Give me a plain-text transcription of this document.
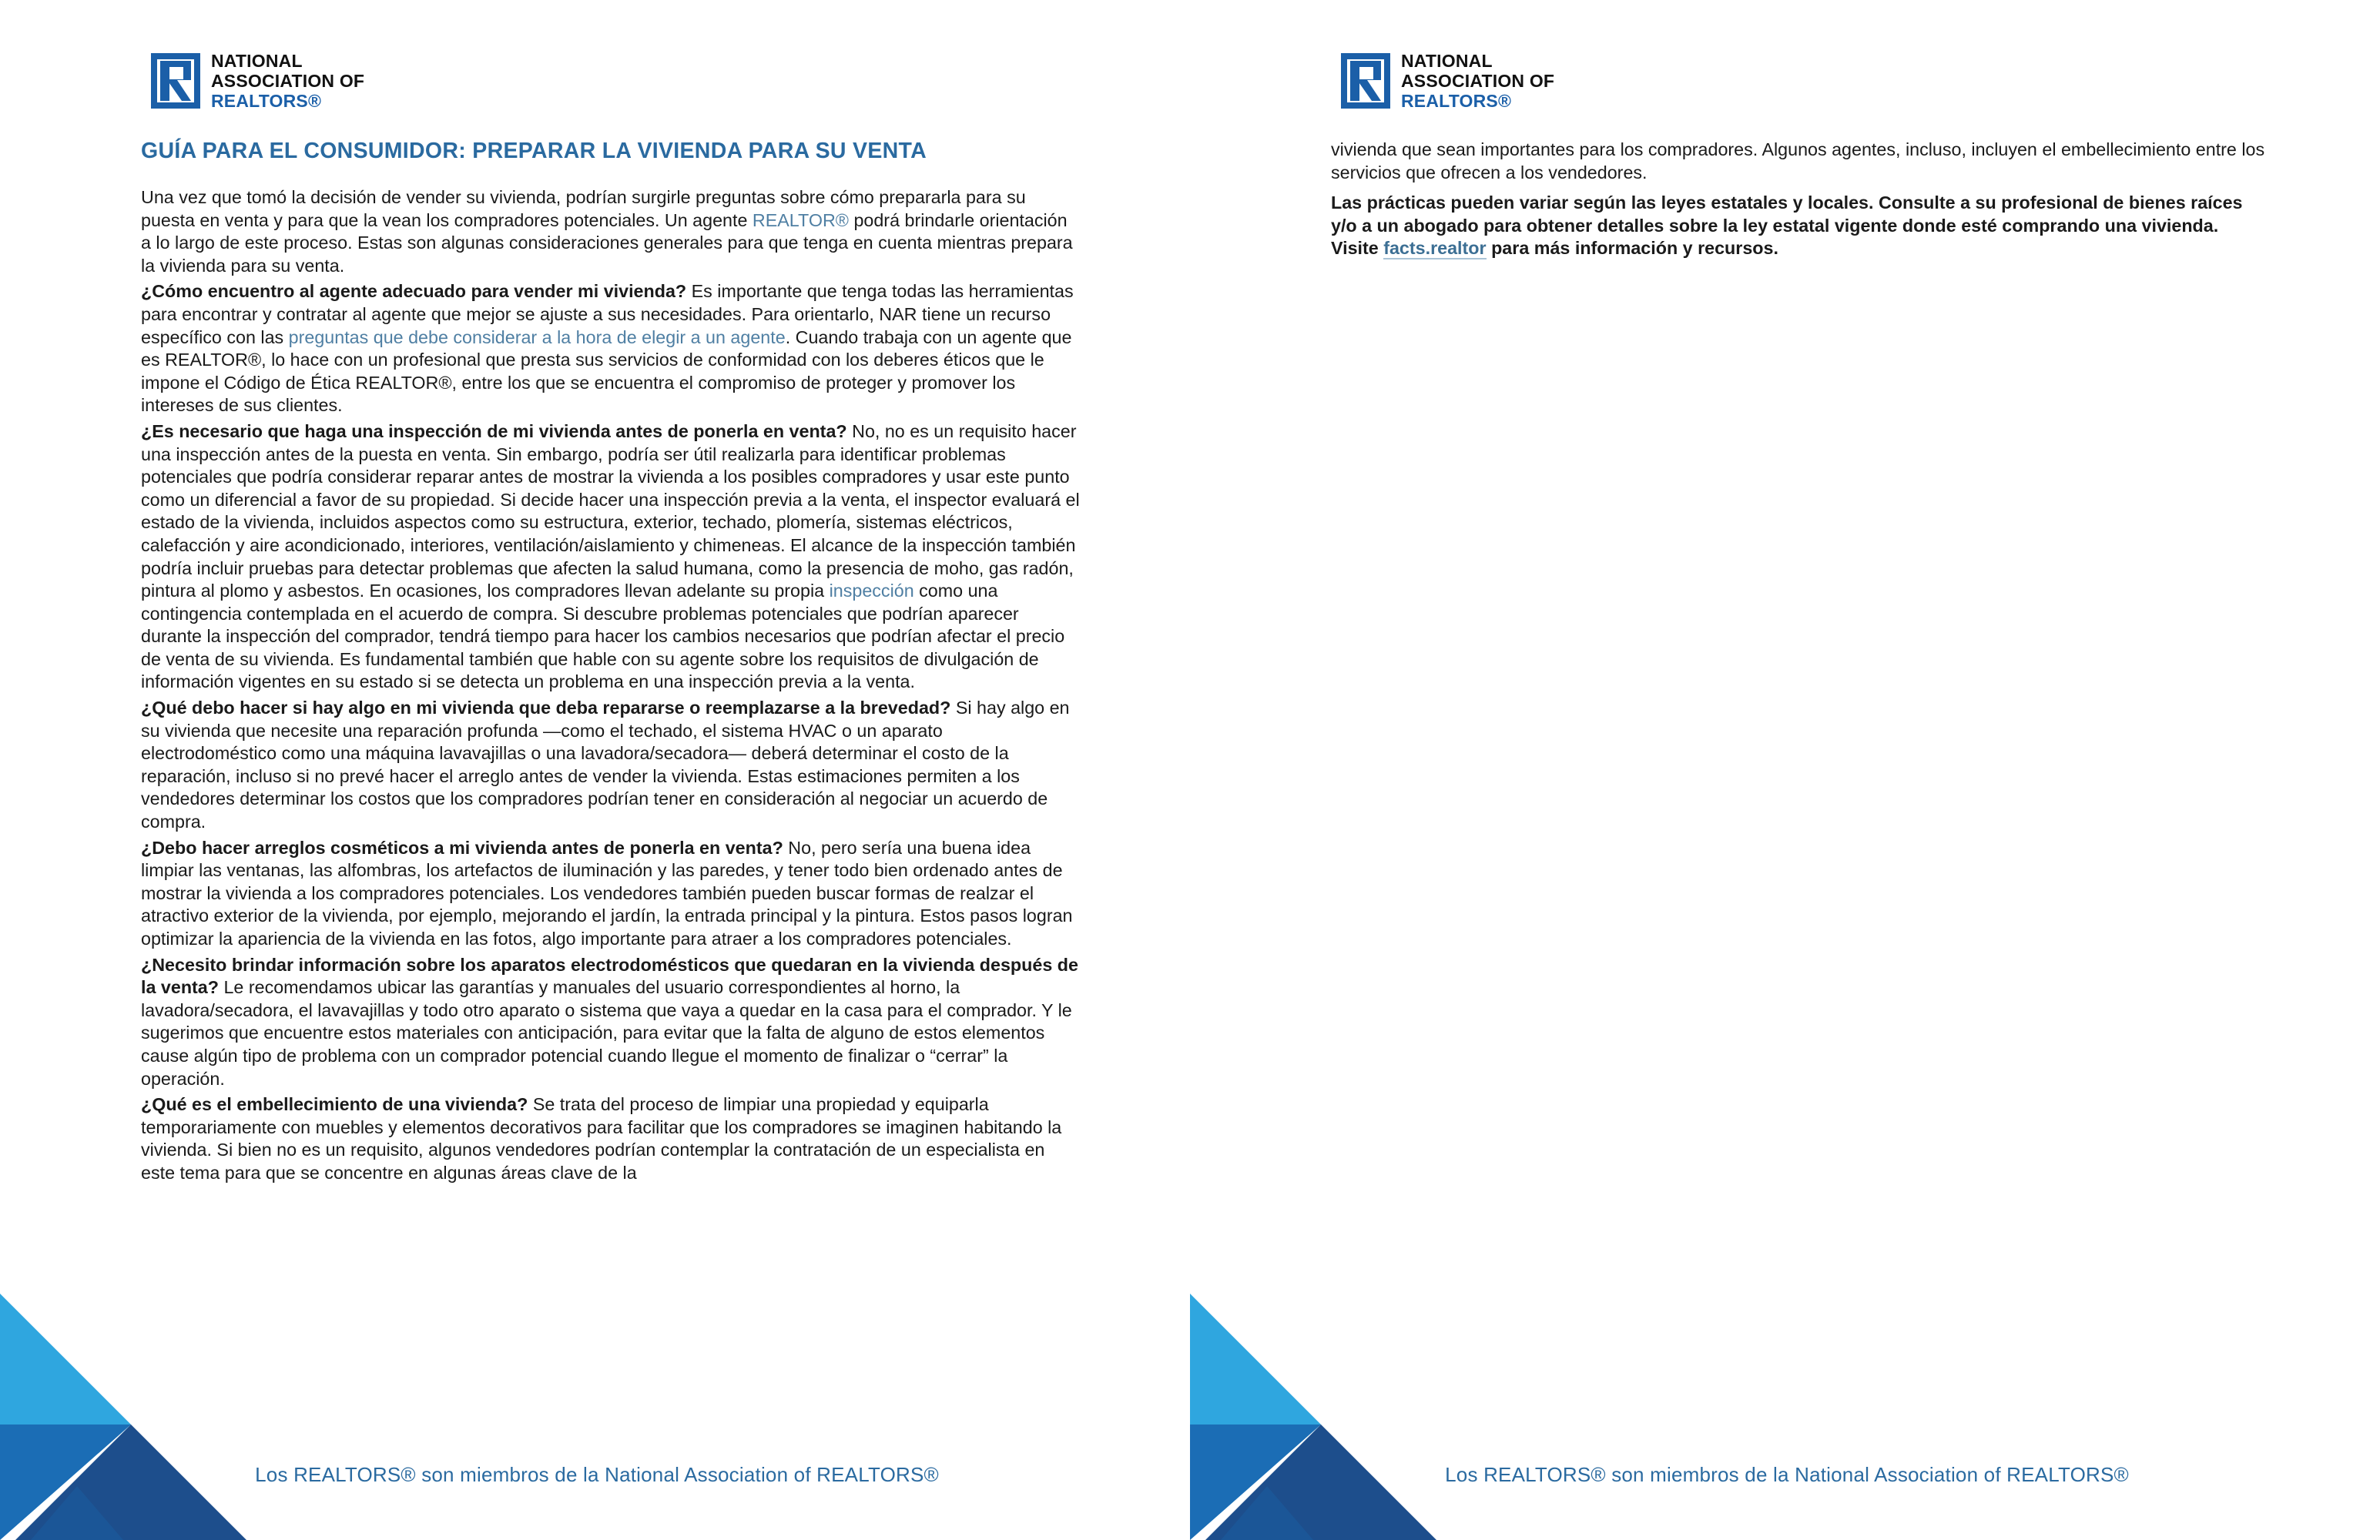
NATIONAL
ASSOCIATION OF
REALTORS®
GUÍA PARA EL CONSUMIDOR: PREPARAR LA VIVIENDA PARA SU VENTA

Una vez que tomó la decisión de vender su vivienda, podrían surgirle preguntas sobre cómo prepararla para su puesta en venta y para que la vean los compradores potenciales. Un agente REALTOR® podrá brindarle orientación a lo largo de este proceso. Estas son algunas consideraciones generales para que tenga en cuenta mientras prepara la vivienda para su venta.

¿Cómo encuentro al agente adecuado para vender mi vivienda? Es importante que tenga todas las herramientas para encontrar y contratar al agente que mejor se ajuste a sus necesidades. Para orientarlo, NAR tiene un recurso específico con las preguntas que debe considerar a la hora de elegir a un agente. Cuando trabaja con un agente que es REALTOR®, lo hace con un profesional que presta sus servicios de conformidad con los deberes éticos que le impone el Código de Ética REALTOR®, entre los que se encuentra el compromiso de proteger y promover los intereses de sus clientes.

¿Es necesario que haga una inspección de mi vivienda antes de ponerla en venta? No, no es un requisito hacer una inspección antes de la puesta en venta. Sin embargo, podría ser útil realizarla para identificar problemas potenciales que podría considerar reparar antes de mostrar la vivienda a los posibles compradores y usar este punto como un diferencial a favor de su propiedad. Si decide hacer una inspección previa a la venta, el inspector evaluará el estado de la vivienda, incluidos aspectos como su estructura, exterior, techado, plomería, sistemas eléctricos, calefacción y aire acondicionado, interiores, ventilación/aislamiento y chimeneas. El alcance de la inspección también podría incluir pruebas para detectar problemas que afecten la salud humana, como la presencia de moho, gas radón, pintura al plomo y asbestos. En ocasiones, los compradores llevan adelante su propia inspección como una contingencia contemplada en el acuerdo de compra. Si descubre problemas potenciales que podrían aparecer durante la inspección del comprador, tendrá tiempo para hacer los cambios necesarios que podrían afectar el precio de venta de su vivienda. Es fundamental también que hable con su agente sobre los requisitos de divulgación de información vigentes en su estado si se detecta un problema en una inspección previa a la venta.

¿Qué debo hacer si hay algo en mi vivienda que deba repararse o reemplazarse a la brevedad? Si hay algo en su vivienda que necesite una reparación profunda —como el techado, el sistema HVAC o un aparato electrodoméstico como una máquina lavavajillas o una lavadora/secadora— deberá determinar el costo de la reparación, incluso si no prevé hacer el arreglo antes de vender la vivienda. Estas estimaciones permiten a los vendedores determinar los costos que los compradores podrían tener en consideración al negociar un acuerdo de compra.

¿Debo hacer arreglos cosméticos a mi vivienda antes de ponerla en venta? No, pero sería una buena idea limpiar las ventanas, las alfombras, los artefactos de iluminación y las paredes, y tener todo bien ordenado antes de mostrar la vivienda a los compradores potenciales. Los vendedores también pueden buscar formas de realzar el atractivo exterior de la vivienda, por ejemplo, mejorando el jardín, la entrada principal y la pintura. Estos pasos logran optimizar la apariencia de la vivienda en las fotos, algo importante para atraer a los compradores potenciales.

¿Necesito brindar información sobre los aparatos electrodomésticos que quedaran en la vivienda después de la venta? Le recomendamos ubicar las garantías y manuales del usuario correspondientes al horno, la lavadora/secadora, el lavavajillas y todo otro aparato o sistema que vaya a quedar en la casa para el comprador. Y le sugerimos que encuentre estos materiales con anticipación, para evitar que la falta de alguno de estos elementos cause algún tipo de problema con un comprador potencial cuando llegue el momento de finalizar o “cerrar” la operación.

¿Qué es el embellecimiento de una vivienda? Se trata del proceso de limpiar una propiedad y equiparla temporariamente con muebles y elementos decorativos para facilitar que los compradores se imaginen habitando la vivienda. Si bien no es un requisito, algunos vendedores podrían contemplar la contratación de un especialista en este tema para que se concentre en algunas áreas clave de la

Los REALTORS® son miembros de la National Association of REALTORS®
NATIONAL
ASSOCIATION OF
REALTORS®

vivienda que sean importantes para los compradores. Algunos agentes, incluso, incluyen el embellecimiento entre los servicios que ofrecen a los vendedores.

Las prácticas pueden variar según las leyes estatales y locales. Consulte a su profesional de bienes raíces y/o a un abogado para obtener detalles sobre la ley estatal vigente donde esté comprando una vivienda. Visite facts.realtor para más información y recursos.

Los REALTORS® son miembros de la National Association of REALTORS®
